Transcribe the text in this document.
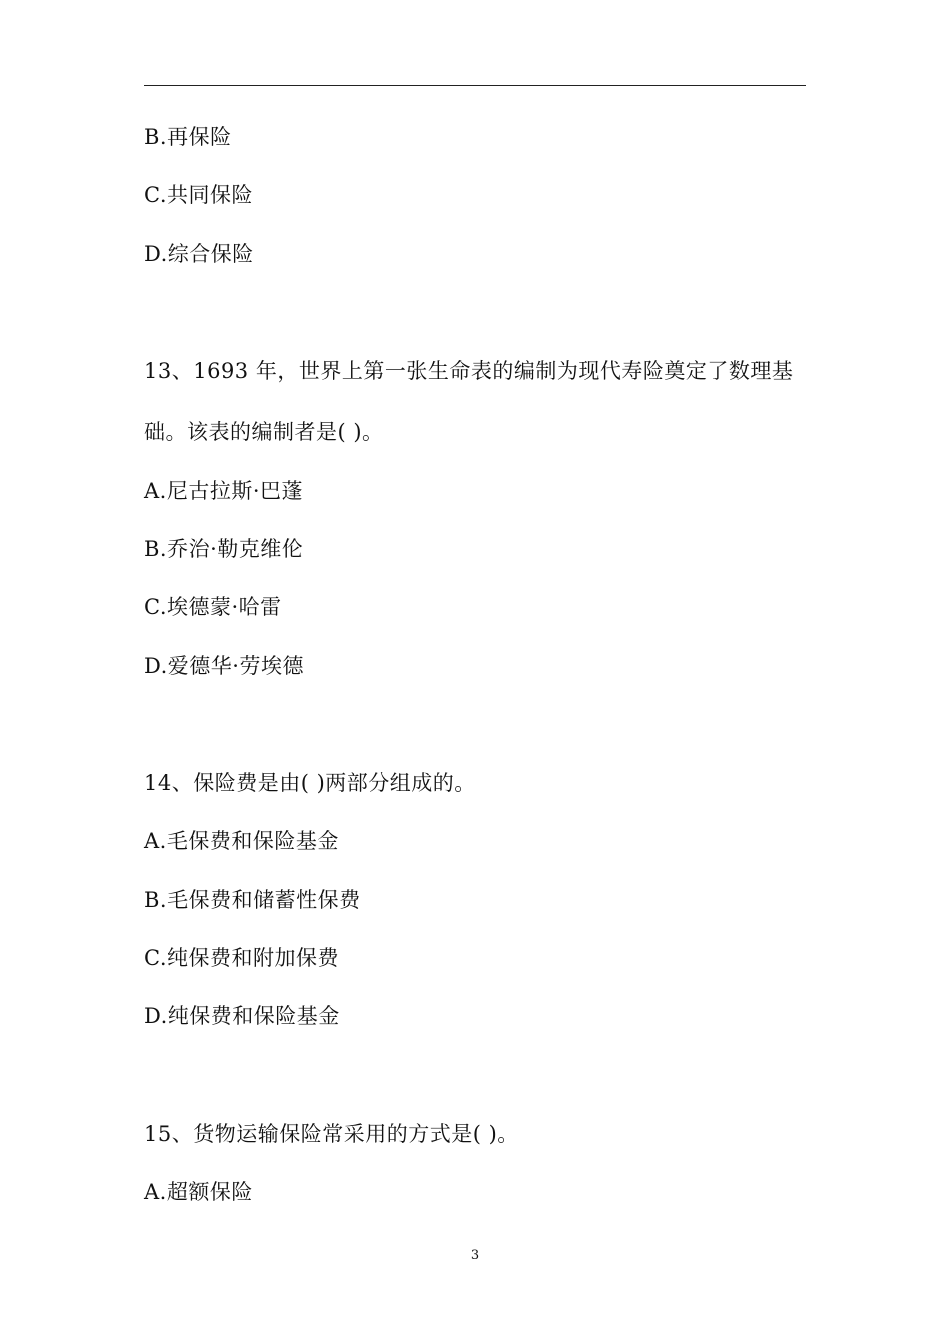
B.再保险
C.共同保险
D.综合保险
13、1693 年，世界上第一张生命表的编制为现代寿险奠定了数理基
础。该表的编制者是( )。
A.尼古拉斯·巴蓬
B.乔治·勒克维伦
C.埃德蒙·哈雷
D.爱德华·劳埃德
14、保险费是由( )两部分组成的。
A.毛保费和保险基金
B.毛保费和储蓄性保费
C.纯保费和附加保费
D.纯保费和保险基金
15、货物运输保险常采用的方式是( )。
A.超额保险
3
